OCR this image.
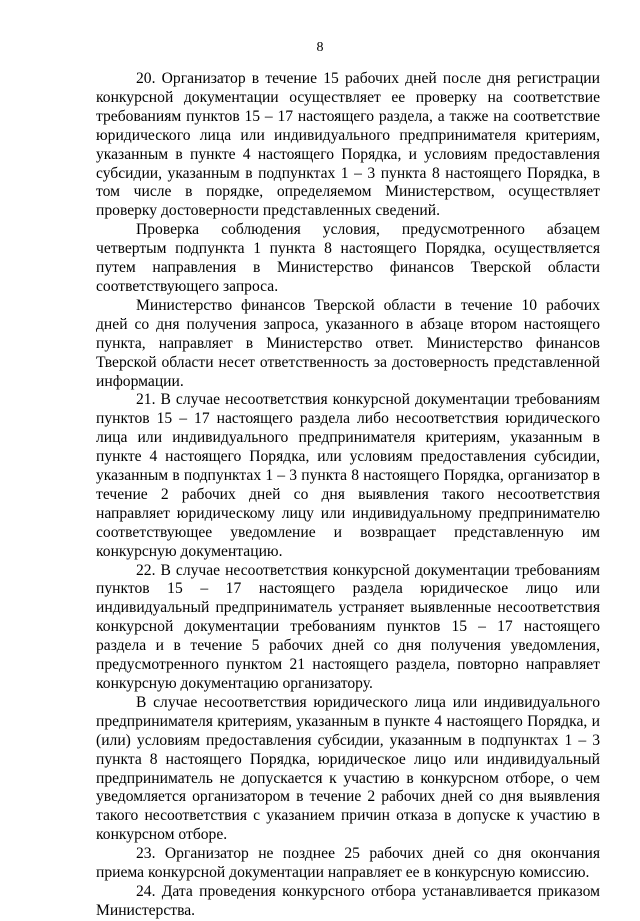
8

20. Организатор в течение 15 рабочих дней после дня регистрации конкурсной документации осуществляет ее проверку на соответствие требованиям пунктов 15 – 17 настоящего раздела, а также на соответствие юридического лица или индивидуального предпринимателя критериям, указанным в пункте 4 настоящего Порядка, и условиям предоставления субсидии, указанным в подпунктах 1 – 3 пункта 8 настоящего Порядка, в том числе в порядке, определяемом Министерством, осуществляет проверку достоверности представленных сведений.

Проверка соблюдения условия, предусмотренного абзацем четвертым подпункта 1 пункта 8 настоящего Порядка, осуществляется путем направления в Министерство финансов Тверской области соответствующего запроса.

Министерство финансов Тверской области в течение 10 рабочих дней со дня получения запроса, указанного в абзаце втором настоящего пункта, направляет в Министерство ответ. Министерство финансов Тверской области несет ответственность за достоверность представленной информации.

21. В случае несоответствия конкурсной документации требованиям пунктов 15 – 17 настоящего раздела либо несоответствия юридического лица или индивидуального предпринимателя критериям, указанным в пункте 4 настоящего Порядка, или условиям предоставления субсидии, указанным в подпунктах 1 – 3 пункта 8 настоящего Порядка, организатор в течение 2 рабочих дней со дня выявления такого несоответствия направляет юридическому лицу или индивидуальному предпринимателю соответствующее уведомление и возвращает представленную им конкурсную документацию.

22. В случае несоответствия конкурсной документации требованиям пунктов 15 – 17 настоящего раздела юридическое лицо или индивидуальный предприниматель устраняет выявленные несоответствия конкурсной документации требованиям пунктов 15 – 17 настоящего раздела и в течение 5 рабочих дней со дня получения уведомления, предусмотренного пунктом 21 настоящего раздела, повторно направляет конкурсную документацию организатору.

В случае несоответствия юридического лица или индивидуального предпринимателя критериям, указанным в пункте 4 настоящего Порядка, и (или) условиям предоставления субсидии, указанным в подпунктах 1 – 3 пункта 8 настоящего Порядка, юридическое лицо или индивидуальный предприниматель не допускается к участию в конкурсном отборе, о чем уведомляется организатором в течение 2 рабочих дней со дня выявления такого несоответствия с указанием причин отказа в допуске к участию в конкурсном отборе.

23. Организатор не позднее 25 рабочих дней со дня окончания приема конкурсной документации направляет ее в конкурсную комиссию.

24. Дата проведения конкурсного отбора устанавливается приказом Министерства.
